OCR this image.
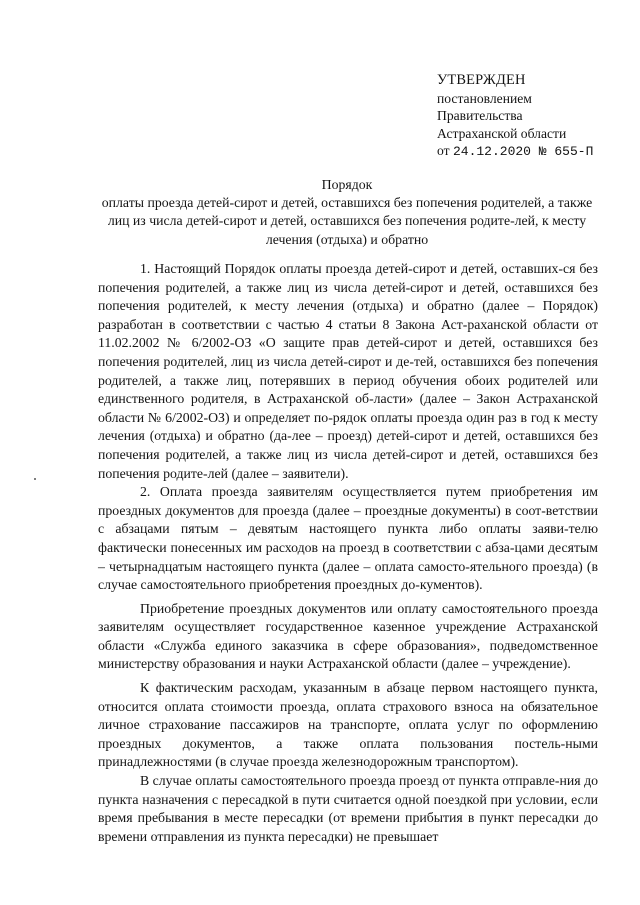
УТВЕРЖДЕН
постановлением
Правительства
Астраханской области
от 24.12.2020 № 655-П
Порядок
оплаты проезда детей-сирот и детей, оставшихся без попечения родителей, а также лиц из числа детей-сирот и детей, оставшихся без попечения родите-лей, к месту лечения (отдыха) и обратно

1. Настоящий Порядок оплаты проезда детей-сирот и детей, оставших-ся без попечения родителей, а также лиц из числа детей-сирот и детей, оставшихся без попечения родителей, к месту лечения (отдыха) и обратно (далее – Порядок) разработан в соответствии с частью 4 статьи 8 Закона Аст-раханской области от 11.02.2002 № 6/2002-ОЗ «О защите прав детей-сирот и детей, оставшихся без попечения родителей, лиц из числа детей-сирот и де-тей, оставшихся без попечения родителей, а также лиц, потерявших в период обучения обоих родителей или единственного родителя, в Астраханской об-ласти» (далее – Закон Астраханской области № 6/2002-ОЗ) и определяет по-рядок оплаты проезда один раз в год к месту лечения (отдыха) и обратно (да-лее – проезд) детей-сирот и детей, оставшихся без попечения родителей, а также лиц из числа детей-сирот и детей, оставшихся без попечения родите-лей (далее – заявители).

2. Оплата проезда заявителям осуществляется путем приобретения им проездных документов для проезда (далее – проездные документы) в соот-ветствии с абзацами пятым – девятым настоящего пункта либо оплаты заяви-телю фактически понесенных им расходов на проезд в соответствии с абза-цами десятым – четырнадцатым настоящего пункта (далее – оплата самосто-ятельного проезда) (в случае самостоятельного приобретения проездных до-кументов).

Приобретение проездных документов или оплату самостоятельного проезда заявителям осуществляет государственное казенное учреждение Астраханской области «Служба единого заказчика в сфере образования», подведомственное министерству образования и науки Астраханской области (далее – учреждение).

К фактическим расходам, указанным в абзаце первом настоящего пункта, относится оплата стоимости проезда, оплата страхового взноса на обязательное личное страхование пассажиров на транспорте, оплата услуг по оформлению проездных документов, а также оплата пользования постель-ными принадлежностями (в случае проезда железнодорожным транспортом).

В случае оплаты самостоятельного проезда проезд от пункта отправле-ния до пункта назначения с пересадкой в пути считается одной поездкой при условии, если время пребывания в месте пересадки (от времени прибытия в пункт пересадки до времени отправления из пункта пересадки) не превышает
